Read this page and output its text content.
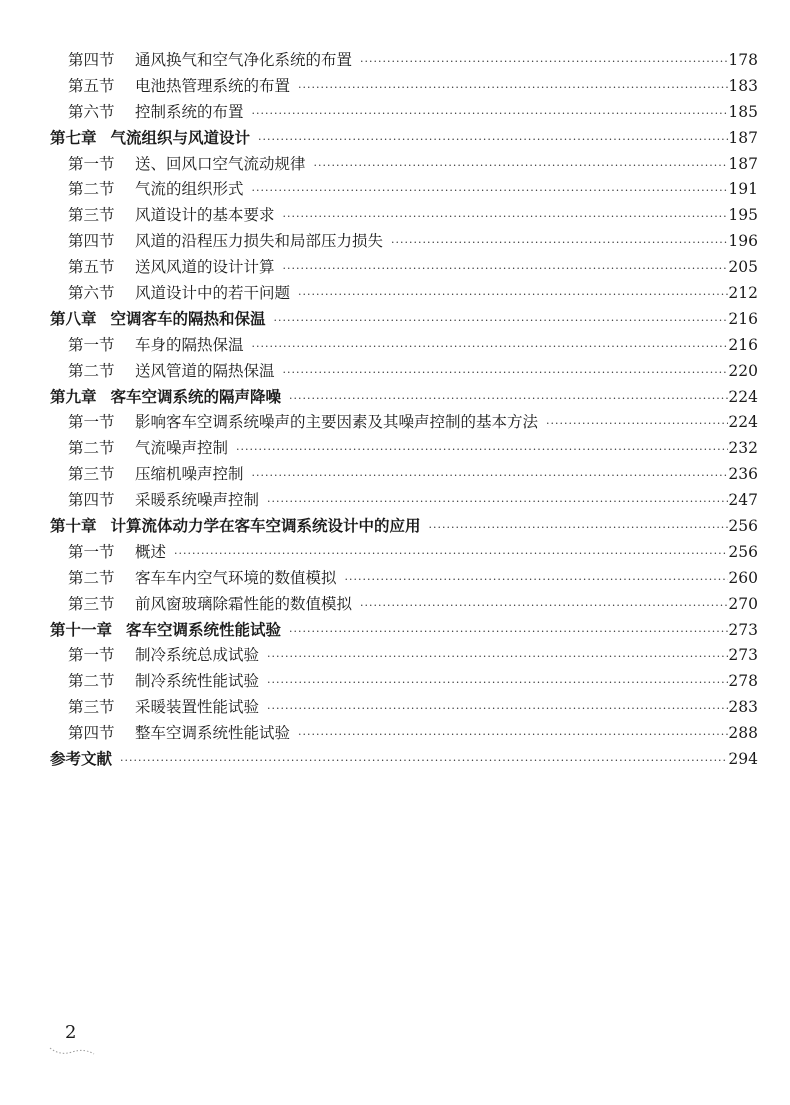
第四节	通风换气和空气净化系统的布置 ·····	178
第五节	电池热管理系统的布置 ·····	183
第六节	控制系统的布置 ·····	185
第七章 气流组织与风道设计 ·····	187
第一节	送、回风口空气流动规律 ·····	187
第二节	气流的组织形式 ·····	191
第三节	风道设计的基本要求 ·····	195
第四节	风道的沿程压力损失和局部压力损失 ·····	196
第五节	送风风道的设计计算 ·····	205
第六节	风道设计中的若干问题 ·····	212
第八章 空调客车的隔热和保温 ·····	216
第一节	车身的隔热保温 ·····	216
第二节	送风管道的隔热保温 ·····	220
第九章 客车空调系统的隔声降噪 ·····	224
第一节	影响客车空调系统噪声的主要因素及其噪声控制的基本方法 ·····	224
第二节	气流噪声控制 ·····	232
第三节	压缩机噪声控制 ·····	236
第四节	采暖系统噪声控制 ·····	247
第十章 计算流体动力学在客车空调系统设计中的应用 ·····	256
第一节	概述 ·····	256
第二节	客车车内空气环境的数值模拟 ·····	260
第三节	前风窗玻璃除霜性能的数值模拟 ·····	270
第十一章 客车空调系统性能试验 ·····	273
第一节	制冷系统总成试验 ·····	273
第二节	制冷系统性能试验 ·····	278
第三节	采暖装置性能试验 ·····	283
第四节	整车空调系统性能试验 ·····	288
参考文献 ·····	294
2
